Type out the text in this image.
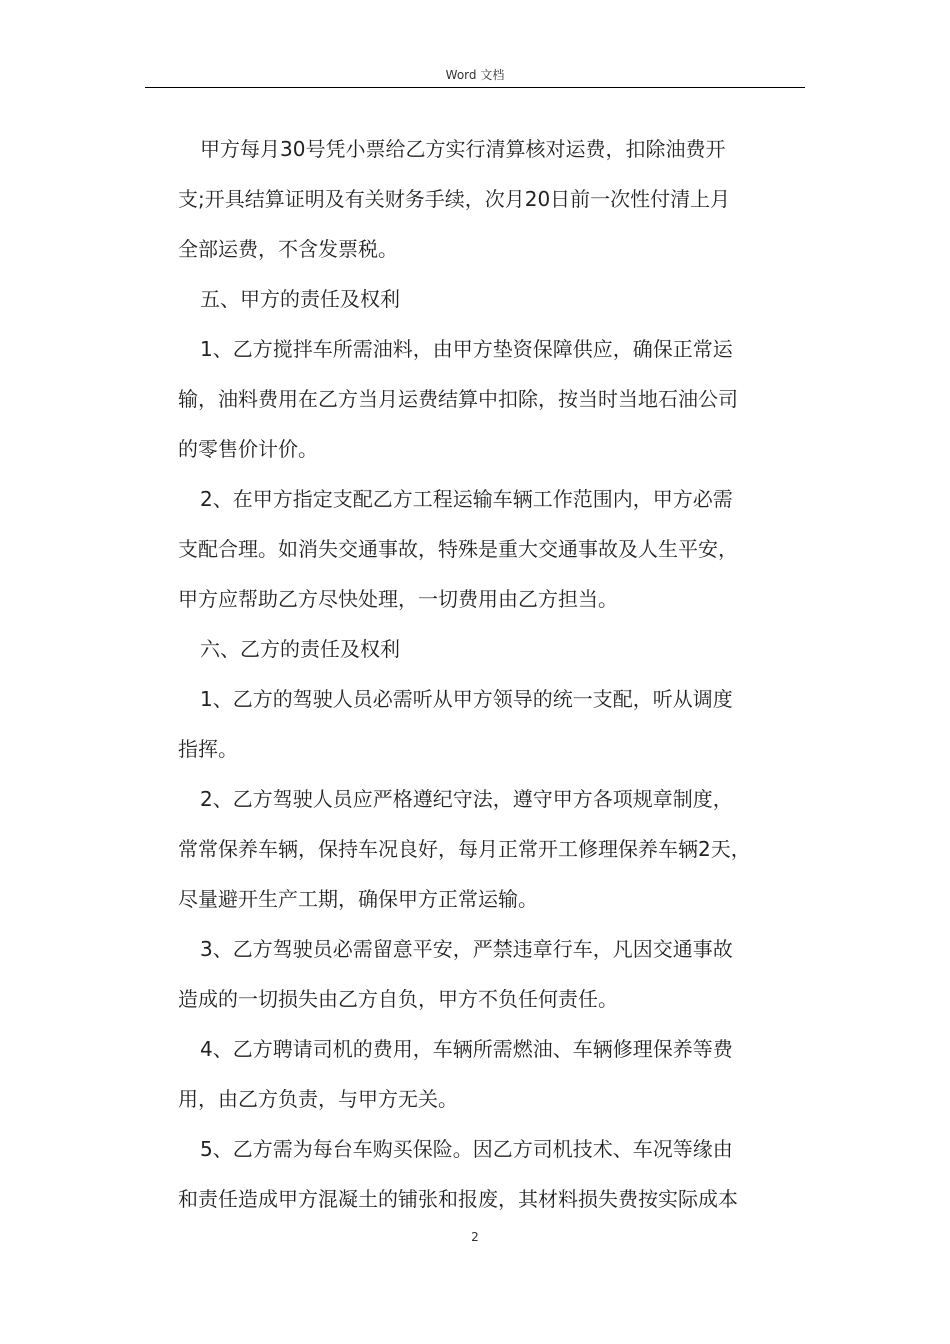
Word 文档
甲方每月30号凭小票给乙方实行清算核对运费，扣除油费开
支;开具结算证明及有关财务手续，次月20日前一次性付清上月
全部运费，不含发票税。
五、甲方的责任及权利
1、乙方搅拌车所需油料，由甲方垫资保障供应，确保正常运
输，油料费用在乙方当月运费结算中扣除，按当时当地石油公司
的零售价计价。
2、在甲方指定支配乙方工程运输车辆工作范围内，甲方必需
支配合理。如消失交通事故，特殊是重大交通事故及人生平安，
甲方应帮助乙方尽快处理，一切费用由乙方担当。
六、乙方的责任及权利
1、乙方的驾驶人员必需听从甲方领导的统一支配，听从调度
指挥。
2、乙方驾驶人员应严格遵纪守法，遵守甲方各项规章制度，
常常保养车辆，保持车况良好，每月正常开工修理保养车辆2天，
尽量避开生产工期，确保甲方正常运输。
3、乙方驾驶员必需留意平安，严禁违章行车，凡因交通事故
造成的一切损失由乙方自负，甲方不负任何责任。
4、乙方聘请司机的费用，车辆所需燃油、车辆修理保养等费
用，由乙方负责，与甲方无关。
5、乙方需为每台车购买保险。因乙方司机技术、车况等缘由
和责任造成甲方混凝土的铺张和报废，其材料损失费按实际成本
2
